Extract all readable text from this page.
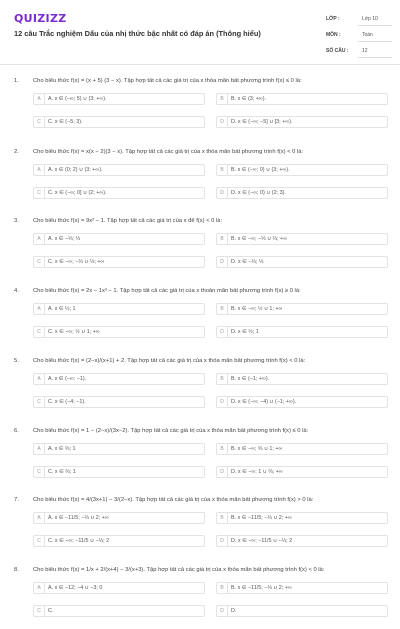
QUIZIZZ
12 câu Trắc nghiệm Dấu của nhị thức bậc nhất có đáp án (Thông hiểu)
LỚP :	Lớp 10
MÔN :	Toán
SỐ CÂU :	12
1. Cho biểu thức f(x) = (x + 5) (3 − x). Tập hợp tất cả các giá trị của x thỏa mãn bất phương trình f(x) ≤ 0 là:
A	A. x ∈ (−∞; 5) ∪ (3; +∞).	B	B. x ∈ (3; +∞).
C	C. x ∈ (−5; 3).	D	D. x ∈ (−∞; −5] ∪ [3; +∞).
2. Cho biểu thức f(x) = x(x − 2)(3 − x). Tập hợp tất cả các giá trị của x thỏa mãn bất phương trình f(x) < 0 là:
A	A. x ∈ (0; 2) ∪ (3; +∞).	B	B. x ∈ (−∞; 0) ∪ (3; +∞).
C	C. x ∈ (−∞; 0] ∪ (2; +∞).	D	D. x ∈ (−∞; 0) ∪ (2; 3).
3. Cho biểu thức f(x) = 9x² − 1. Tập hợp tất cả các giá trị của x để f(x) < 0 là:
A	A. x ∈ −⅓; ⅓	B	B. x ∈ −∞; −⅓ ∪ ⅓; +∞
C	C. x ∈ −∞; −⅓ ∪ ⅓; +∞	D	D. x ∈ −⅓; ⅓
4. Cho biểu thức f(x) = 2x − 1x³ − 1. Tập hợp tất cả các giá trị của x thoản mãn bất phương trình f(x) ≥ 0 là:
A	A. x ∈ ½; 1	B	B. x ∈ −∞; ½ ∪ 1; +∞
C	C. x ∈ −∞; ½ ∪ 1; +∞	D	D. x ∈ ½; 1
5. Cho biểu thức f(x) = (2−x)/(x+1) + 2. Tập hợp tất cả các giá trị của x thỏa mãn bất phương trình f(x) < 0 là:
A	A. x ∈ (−∞; −1).	B	B. x ∈ (−1; +∞).
C	C. x ∈ (−4; −1).	D	D. x ∈ (−∞; −4) ∪ (−1; +∞).
6. Cho biểu thức f(x) = 1 − (2−x)/(3x−2). Tập hợp tất cả các giá trị của x thỏa mãn bất phương trình f(x) ≤ 0 là:
A	A. x ∈ ⅔; 1	B	B. x ∈ −∞; ⅔ ∪ 1; +∞
C	C. x ∈ ⅔; 1	D	D. x ∈ −∞; 1 ∪ ⅔; +∞
7. Cho biểu thức f(x) = 4/(3x+1) − 3/(2−x). Tập hợp tất cả các giá trị của x thỏa mãn bất phương trình f(x) > 0 là:
A	A. x ∈ −11/5; −⅓ ∪ 2; +∞	B	B. x ∈ −11/5; −⅓ ∪ 2; +∞
C	C. x ∈ −∞; −11/5 ∪ −⅓; 2	D	D. x ∈ −∞; −11/5 ∪ −⅓; 2
8. Cho biểu thức f(x) = 1/x + 2/(x+4) − 3/(x+3). Tập hợp tất cả các giá trị của x thỏa mãn bất phương trình f(x) < 0 là:
A	A. x ∈ −12; −4 ∪ −3; 0	B	B. x ∈ −11/5; −⅓ ∪ 2; +∞
C	C.	D	D.
